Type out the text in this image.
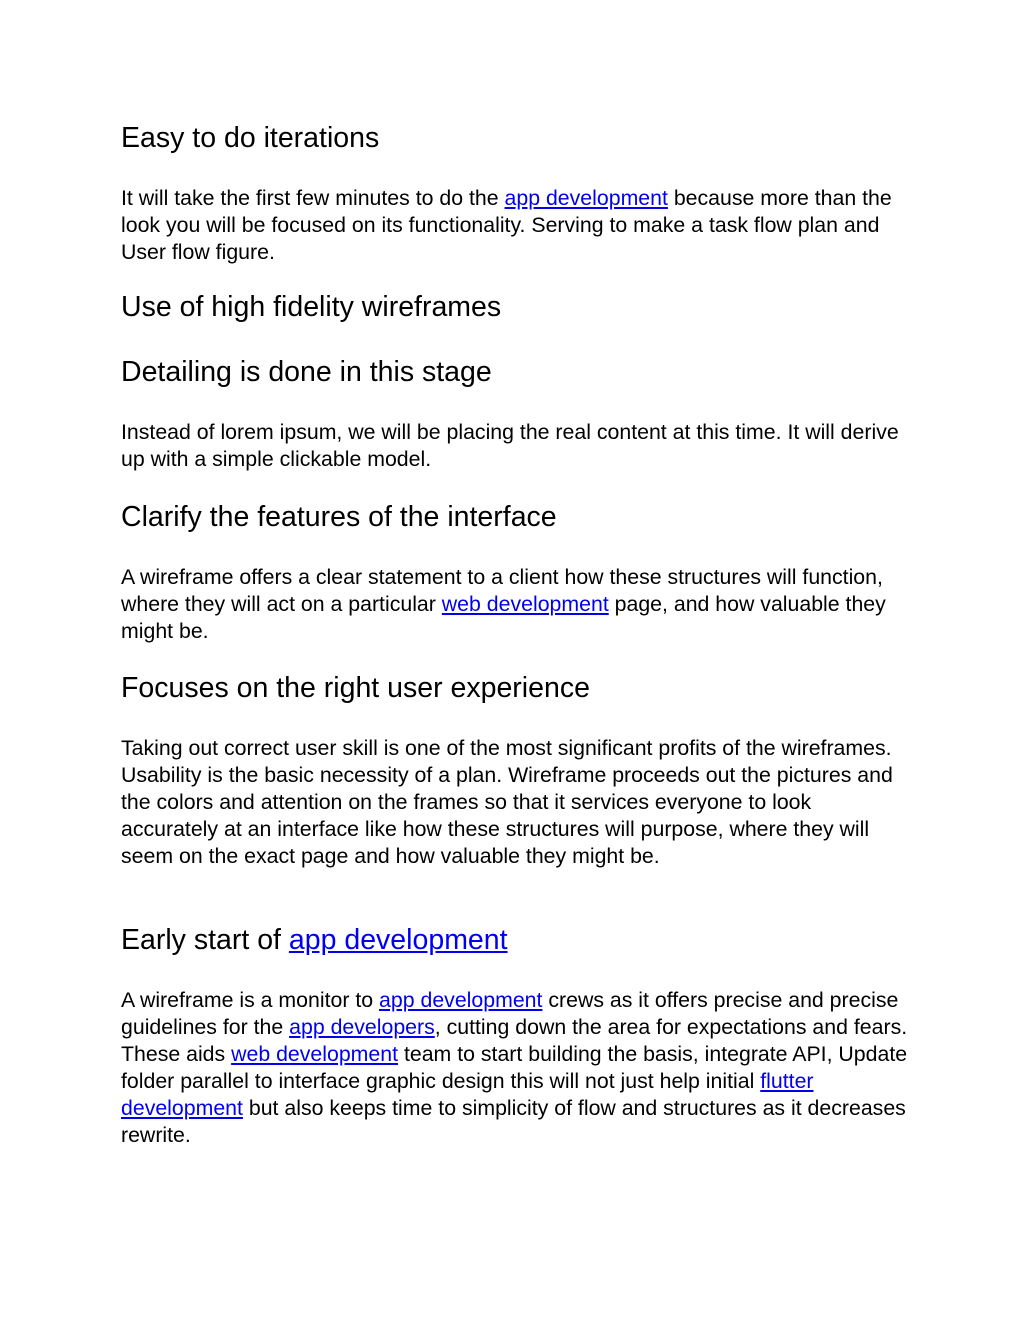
Easy to do iterations

It will take the first few minutes to do the app development because more than the look you will be focused on its functionality. Serving to make a task flow plan and User flow figure.

Use of high fidelity wireframes
Detailing is done in this stage

Instead of lorem ipsum, we will be placing the real content at this time. It will derive up with a simple clickable model.

Clarify the features of the interface

A wireframe offers a clear statement to a client how these structures will function, where they will act on a particular web development page, and how valuable they might be.

Focuses on the right user experience

Taking out correct user skill is one of the most significant profits of the wireframes. Usability is the basic necessity of a plan. Wireframe proceeds out the pictures and the colors and attention on the frames so that it services everyone to look accurately at an interface like how these structures will purpose, where they will seem on the exact page and how valuable they might be.

Early start of app development

A wireframe is a monitor to app development crews as it offers precise and precise guidelines for the app developers, cutting down the area for expectations and fears. These aids web development team to start building the basis, integrate API, Update folder parallel to interface graphic design this will not just help initial flutter development but also keeps time to simplicity of flow and structures as it decreases rewrite.
